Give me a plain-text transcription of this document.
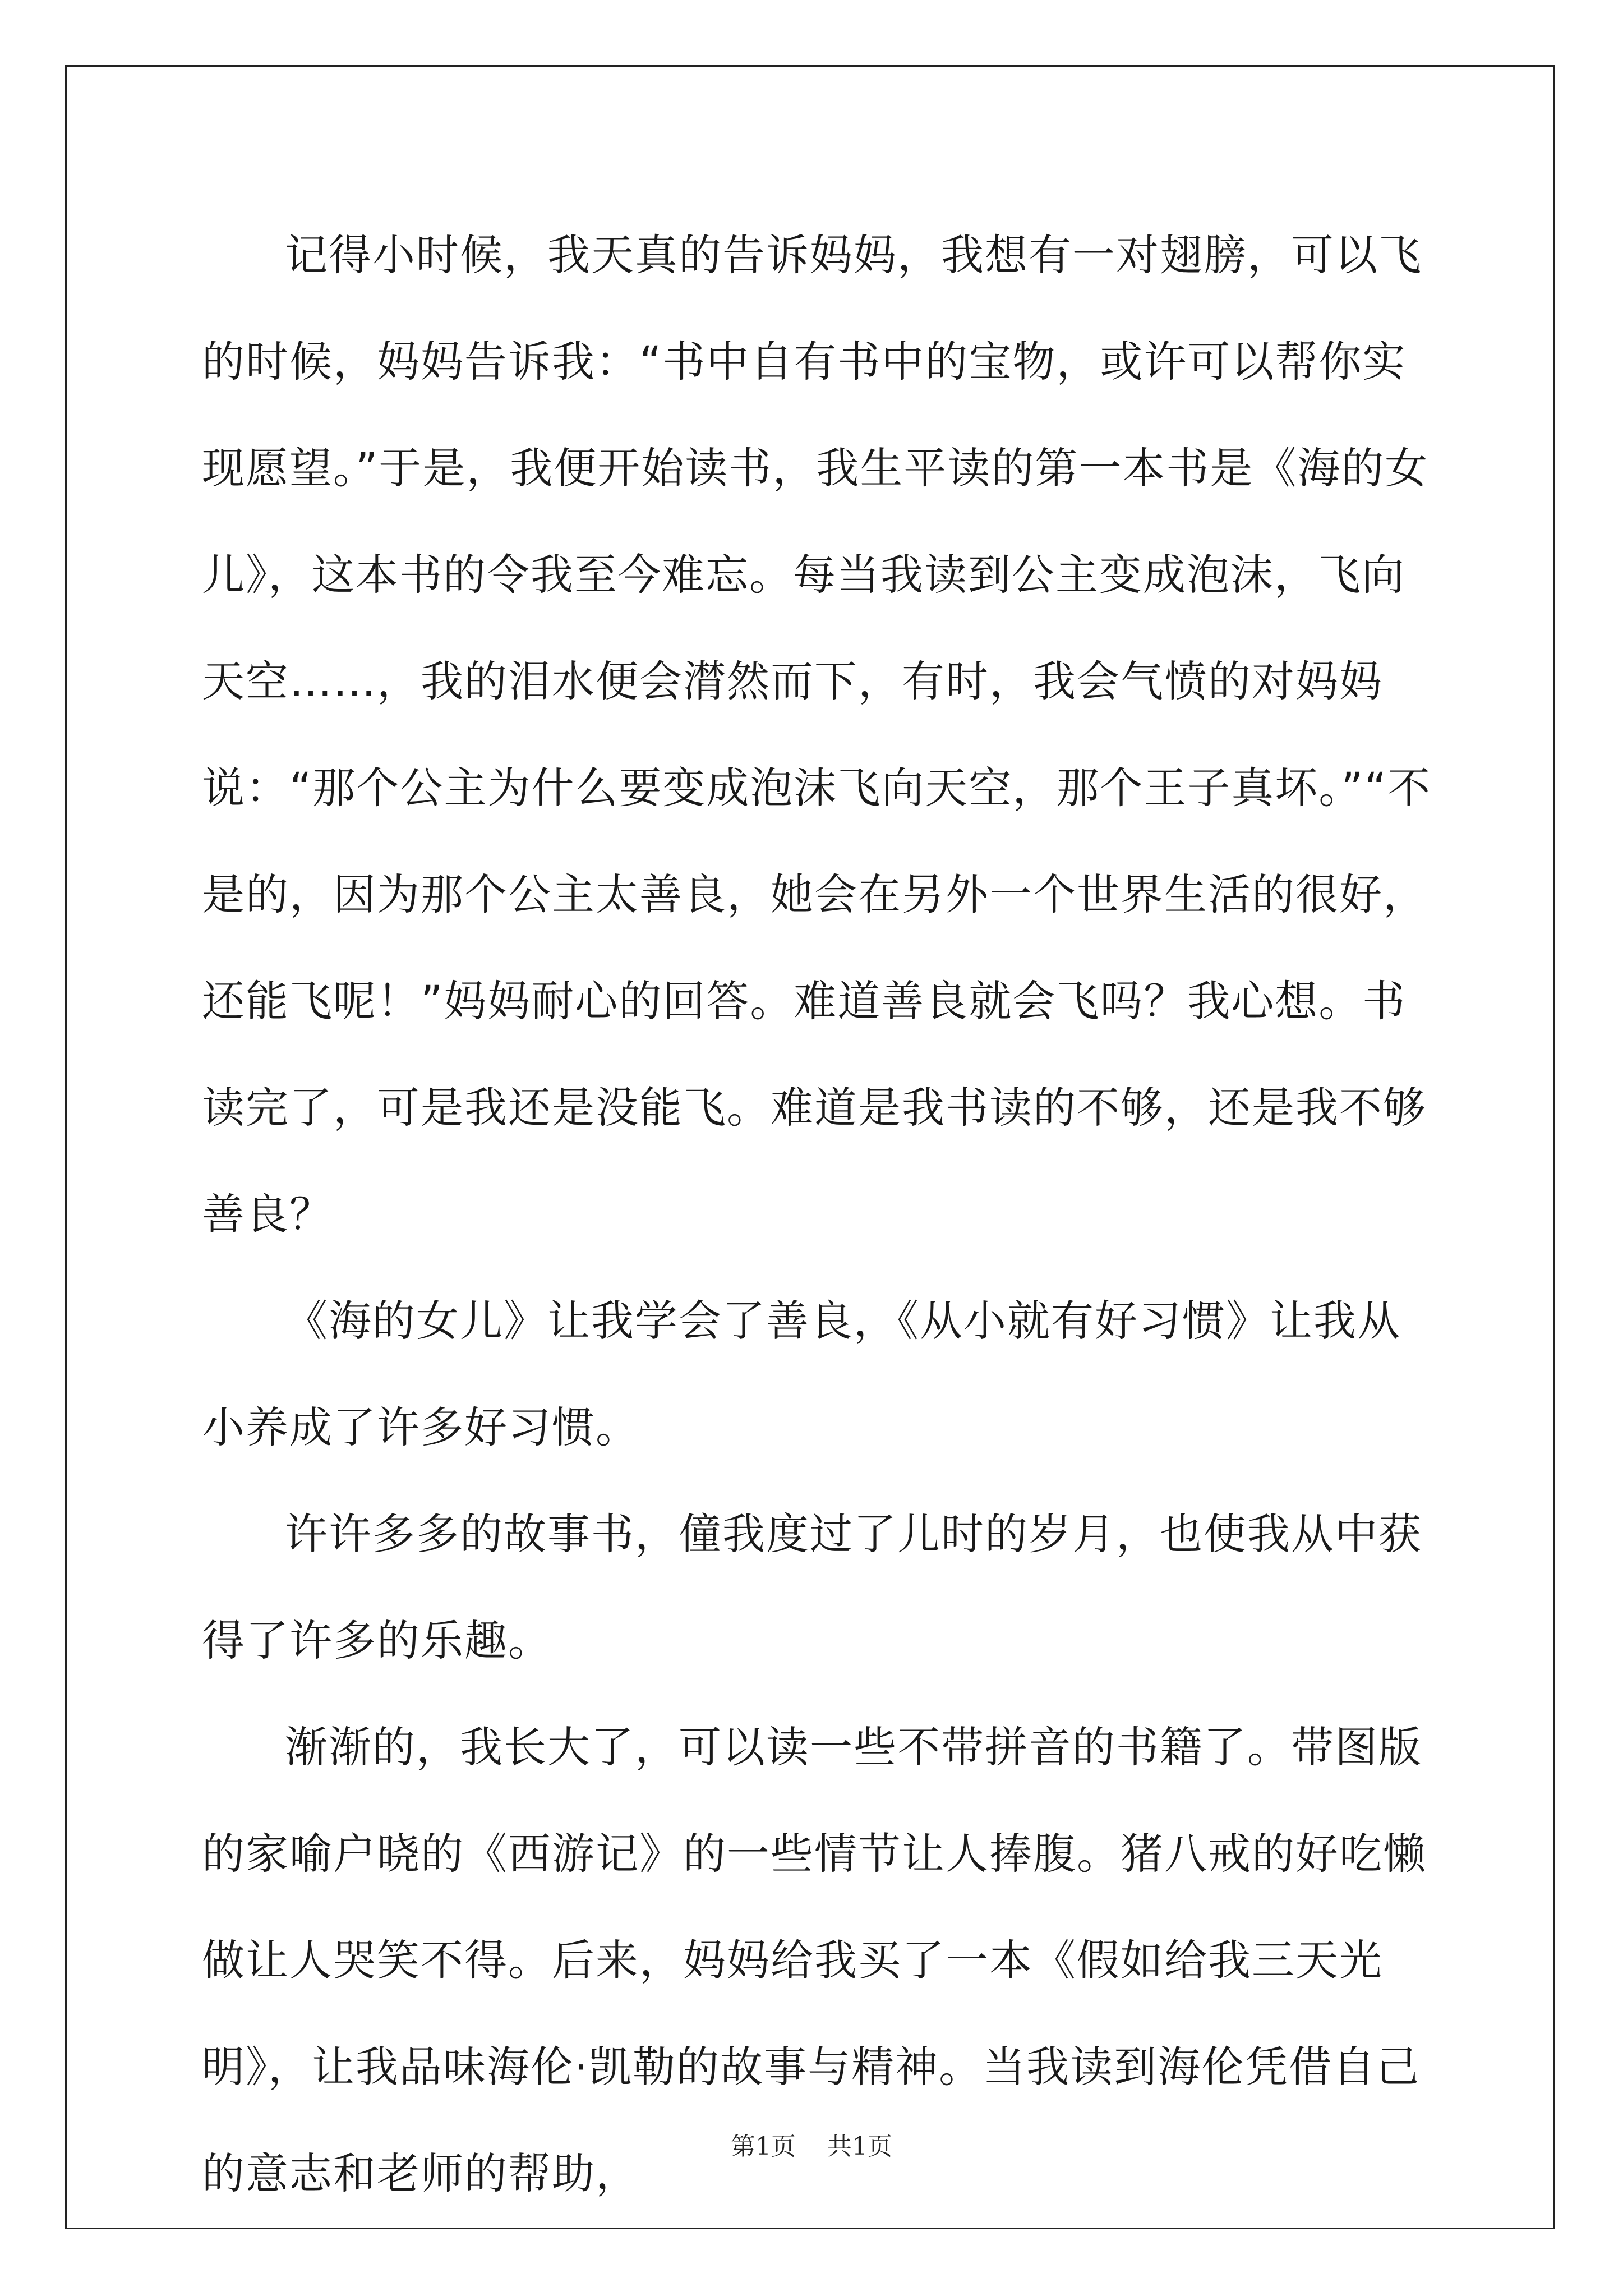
记得小时候，我天真的告诉妈妈，我想有一对翅膀，可以飞的时候，妈妈告诉我：“书中自有书中的宝物，或许可以帮你实现愿望。”于是，我便开始读书，我生平读的第一本书是《海的女儿》，这本书的令我至今难忘。每当我读到公主变成泡沫，飞向天空……，我的泪水便会潸然而下，有时，我会气愤的对妈妈说：“那个公主为什么要变成泡沫飞向天空，那个王子真坏。”“不是的，因为那个公主太善良，她会在另外一个世界生活的很好，还能飞呢！”妈妈耐心的回答。难道善良就会飞吗？我心想。书读完了，可是我还是没能飞。难道是我书读的不够，还是我不够善良？

《海的女儿》让我学会了善良，《从小就有好习惯》让我从小养成了许多好习惯。

许许多多的故事书，僮我度过了儿时的岁月，也使我从中获得了许多的乐趣。

渐渐的，我长大了，可以读一些不带拼音的书籍了。带图版的家喻户晓的《西游记》的一些情节让人捧腹。猪八戒的好吃懒做让人哭笑不得。后来，妈妈给我买了一本《假如给我三天光明》，让我品味海伦·凯勒的故事与精神。当我读到海伦凭借自己的意志和老师的帮助，

第1页 共1页
